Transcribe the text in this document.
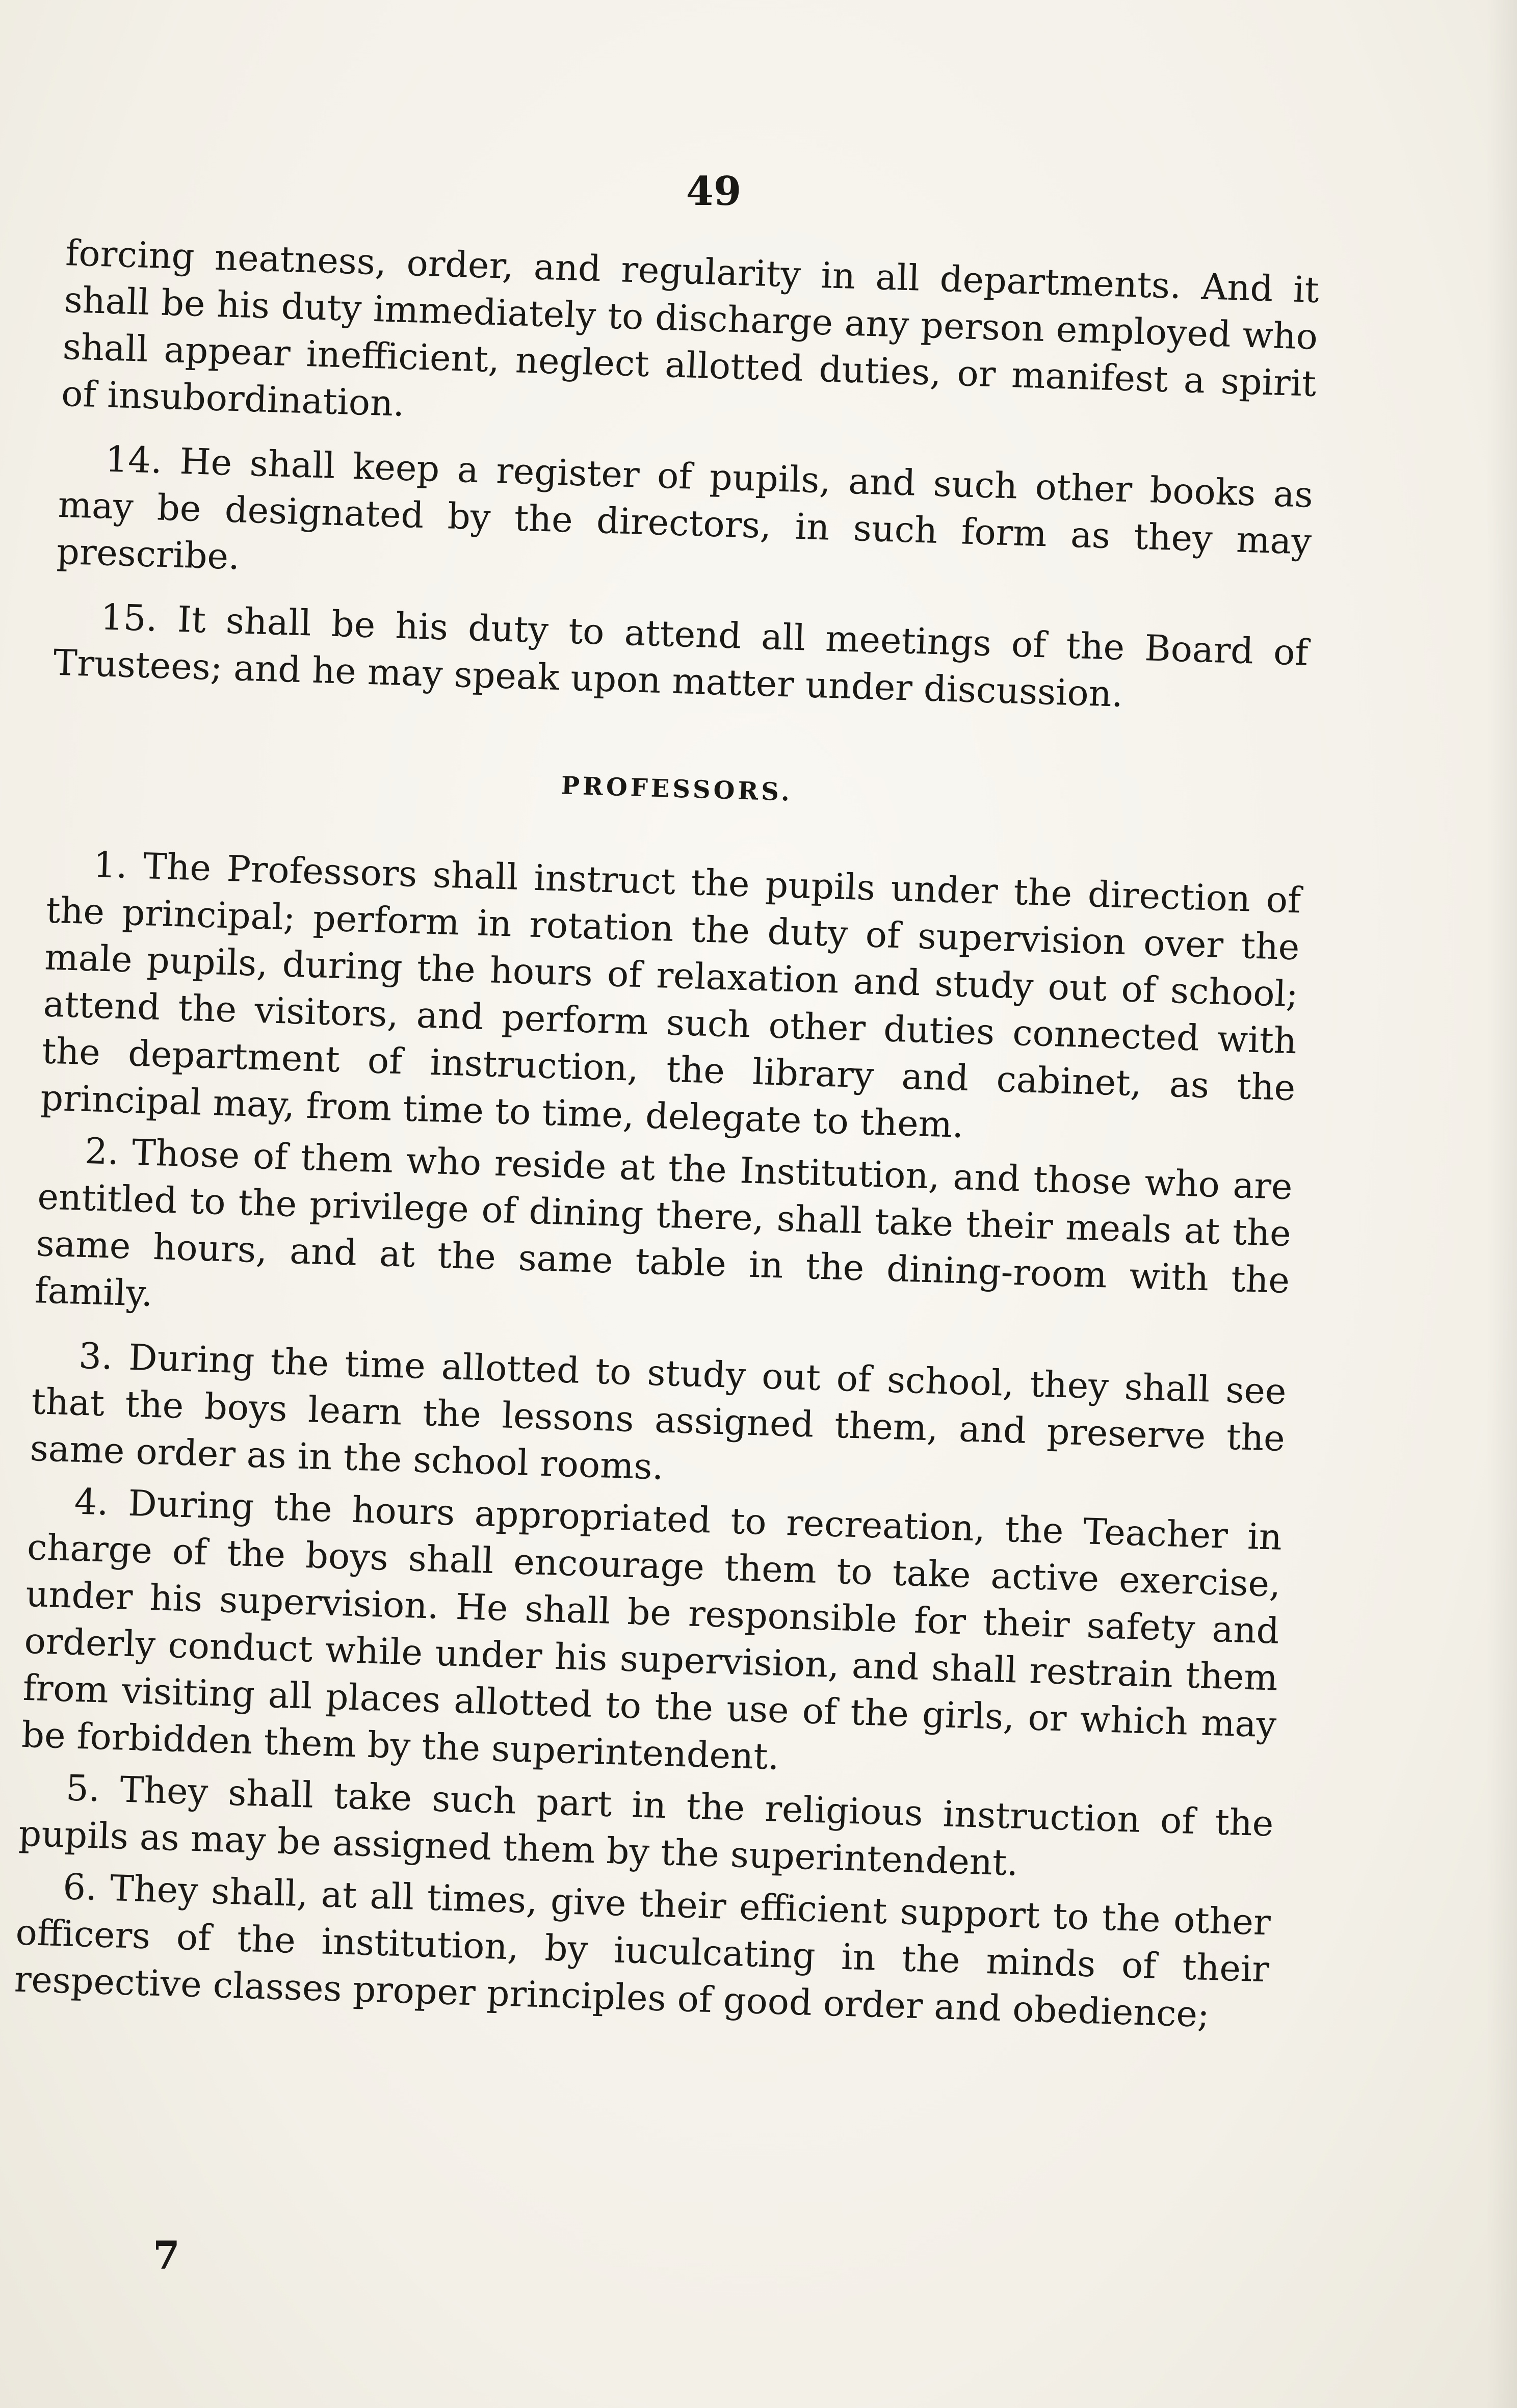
49

forcing neatness, order, and regularity in all departments. And it shall be his duty immediately to discharge any person employed who shall appear inefficient, neglect allotted duties, or manifest a spirit of insubordination.

14. He shall keep a register of pupils, and such other books as may be designated by the directors, in such form as they may prescribe.

15. It shall be his duty to attend all meetings of the Board of Trustees; and he may speak upon matter under discussion.

PROFESSORS.

1. The Professors shall instruct the pupils under the direction of the principal; perform in rotation the duty of supervision over the male pupils, during the hours of relaxation and study out of school; attend the visitors, and perform such other duties connected with the department of instruction, the library and cabinet, as the principal may, from time to time, delegate to them.

2. Those of them who reside at the Institution, and those who are entitled to the privilege of dining there, shall take their meals at the same hours, and at the same table in the dining-room with the family.

3. During the time allotted to study out of school, they shall see that the boys learn the lessons assigned them, and preserve the same order as in the school rooms.

4. During the hours appropriated to recreation, the Teacher in charge of the boys shall encourage them to take active exercise, under his supervision. He shall be responsible for their safety and orderly conduct while under his supervision, and shall restrain them from visiting all places allotted to the use of the girls, or which may be forbidden them by the superintendent.

5. They shall take such part in the religious instruction of the pupils as may be assigned them by the superintendent.

6. They shall, at all times, give their efficient support to the other officers of the institution, by iuculcating in the minds of their respective classes proper principles of good order and obedience;

7
